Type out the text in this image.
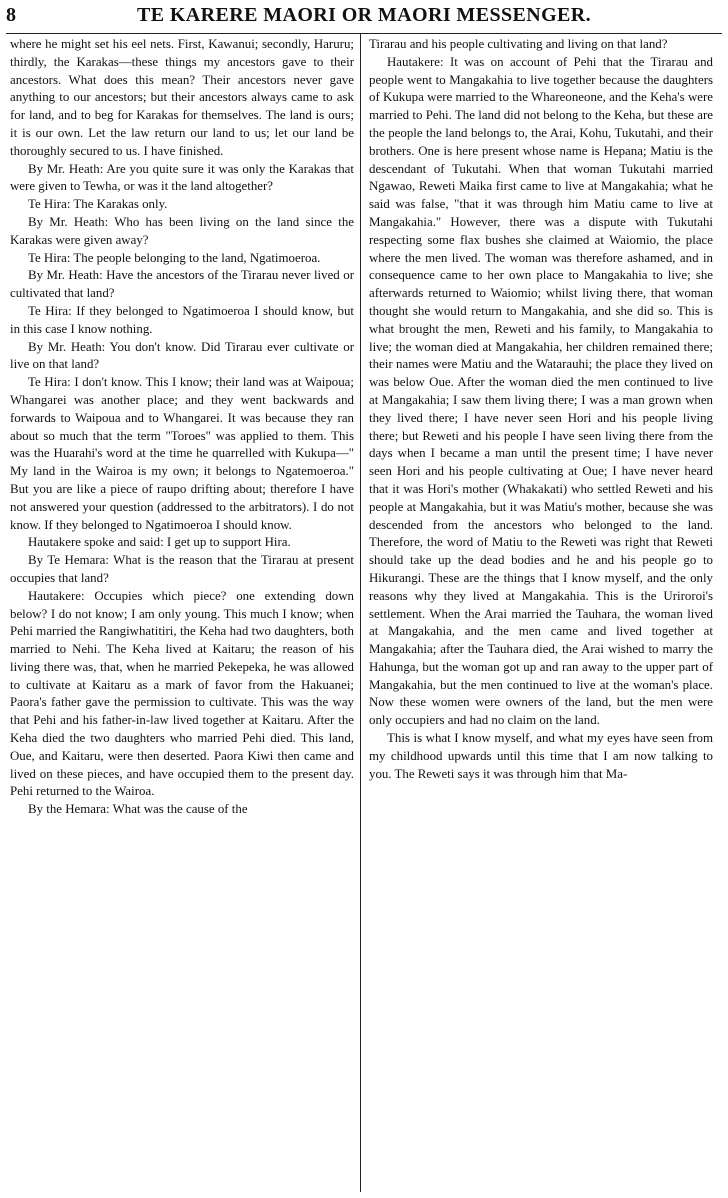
8	TE KARERE MAORI OR MAORI MESSENGER.

where he might set his eel nets. First, Kawanui; secondly, Haruru; thirdly, the Karakas—these things my ancestors gave to their ancestors. What does this mean? Their ancestors never gave anything to our ancestors; but their ancestors always came to ask for land, and to beg for Karakas for themselves. The land is ours; it is our own. Let the law return our land to us; let our land be thoroughly secured to us. I have finished.

By Mr. Heath: Are you quite sure it was only the Karakas that were given to Tewha, or was it the land altogether?

Te Hira: The Karakas only.

By Mr. Heath: Who has been living on the land since the Karakas were given away?

Te Hira: The people belonging to the land, Ngatimoeroa.

By Mr. Heath: Have the ancestors of the Tirarau never lived or cultivated that land?

Te Hira: If they belonged to Ngatimoeroa I should know, but in this case I know nothing.

By Mr. Heath: You don't know. Did Tirarau ever cultivate or live on that land?

Te Hira: I don't know. This I know; their land was at Waipoua; Whangarei was another place; and they went backwards and forwards to Waipoua and to Whangarei. It was because they ran about so much that the term "Toroes" was applied to them. This was the Huarahi's word at the time he quarrelled with Kukupa—" My land in the Wairoa is my own; it belongs to Ngatemoeroa." But you are like a piece of raupo drifting about; therefore I have not answered your question (addressed to the arbitrators). I do not know. If they belonged to Ngatimoeroa I should know.

Hautakere spoke and said: I get up to support Hira.

By Te Hemara: What is the reason that the Tirarau at present occupies that land?

Hautakere: Occupies which piece? one extending down below? I do not know; I am only young. This much I know; when Pehi married the Rangiwhatitiri, the Keha had two daughters, both married to Nehi. The Keha lived at Kaitaru; the reason of his living there was, that, when he married Pekepeka, he was allowed to cultivate at Kaitaru as a mark of favor from the Hakuanei; Paora's father gave the permission to cultivate. This was the way that Pehi and his father-in-law lived together at Kaitaru. After the Keha died the two daughters who married Pehi died. This land, Oue, and Kaitaru, were then deserted. Paora Kiwi then came and lived on these pieces, and have occupied them to the present day. Pehi returned to the Wairoa.

By the Hemara: What was the cause of the

Tirarau and his people cultivating and living on that land?

Hautakere: It was on account of Pehi that the Tirarau and people went to Mangakahia to live together because the daughters of Kukupa were married to the Whareoneone, and the Keha's were married to Pehi. The land did not belong to the Keha, but these are the people the land belongs to, the Arai, Kohu, Tukutahi, and their brothers. One is here present whose name is Hepana; Matiu is the descendant of Tukutahi. When that woman Tukutahi married Ngawao, Reweti Maika first came to live at Mangakahia; what he said was false, "that it was through him Matiu came to live at Mangakahia." However, there was a dispute with Tukutahi respecting some flax bushes she claimed at Waiomio, the place where the men lived. The woman was therefore ashamed, and in consequence came to her own place to Mangakahia to live; she afterwards returned to Waiomio; whilst living there, that woman thought she would return to Mangakahia, and she did so. This is what brought the men, Reweti and his family, to Mangakahia to live; the woman died at Mangakahia, her children remained there; their names were Matiu and the Watarauhi; the place they lived on was below Oue. After the woman died the men continued to live at Mangakahia; I saw them living there; I was a man grown when they lived there; I have never seen Hori and his people living there; but Reweti and his people I have seen living there from the days when I became a man until the present time; I have never seen Hori and his people cultivating at Oue; I have never heard that it was Hori's mother (Whakakati) who settled Reweti and his people at Mangakahia, but it was Matiu's mother, because she was descended from the ancestors who belonged to the land. Therefore, the word of Matiu to the Reweti was right that Reweti should take up the dead bodies and he and his people go to Hikurangi. These are the things that I know myself, and the only reasons why they lived at Mangakahia. This is the Uriroroi's settlement. When the Arai married the Tauhara, the woman lived at Mangakahia, and the men came and lived together at Mangakahia; after the Tauhara died, the Arai wished to marry the Hahunga, but the woman got up and ran away to the upper part of Mangakahia, but the men continued to live at the woman's place. Now these women were owners of the land, but the men were only occupiers and had no claim on the land.

This is what I know myself, and what my eyes have seen from my childhood upwards until this time that I am now talking to you. The Reweti says it was through him that Ma-
